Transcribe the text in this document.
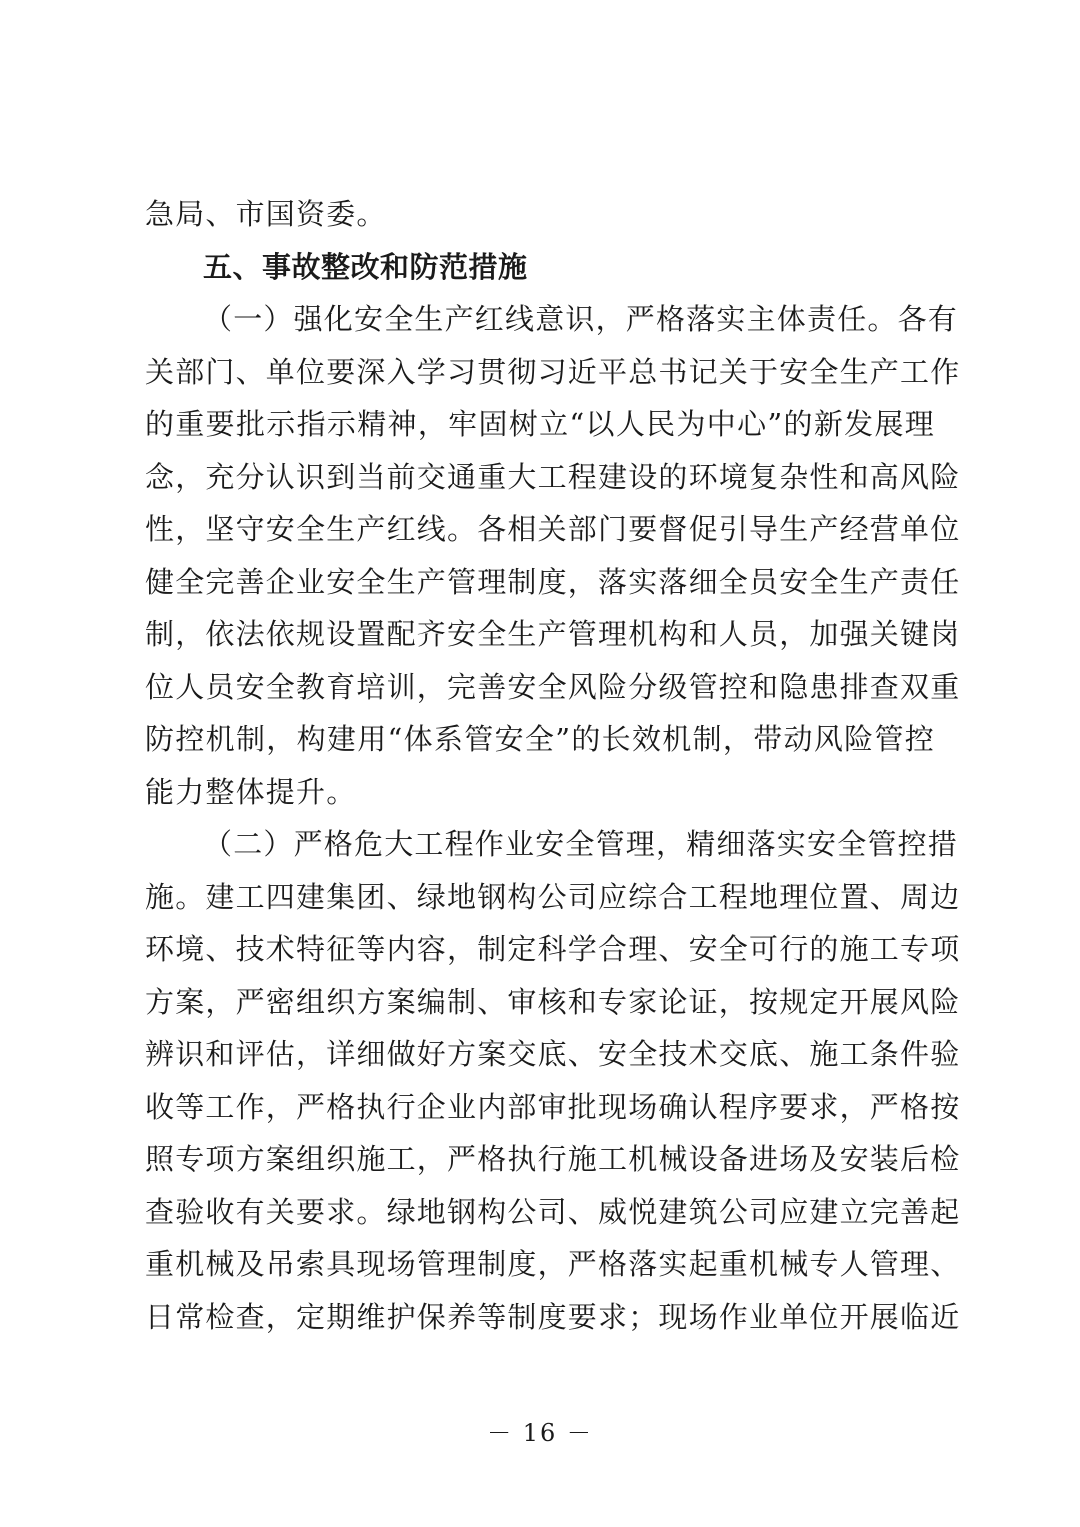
急局、市国资委。
五、事故整改和防范措施
（一）强化安全生产红线意识，严格落实主体责任。各有
关部门、单位要深入学习贯彻习近平总书记关于安全生产工作
的重要批示指示精神，牢固树立“以人民为中心”的新发展理
念，充分认识到当前交通重大工程建设的环境复杂性和高风险
性，坚守安全生产红线。各相关部门要督促引导生产经营单位
健全完善企业安全生产管理制度，落实落细全员安全生产责任
制，依法依规设置配齐安全生产管理机构和人员，加强关键岗
位人员安全教育培训，完善安全风险分级管控和隐患排查双重
防控机制，构建用“体系管安全”的长效机制，带动风险管控
能力整体提升。
（二）严格危大工程作业安全管理，精细落实安全管控措
施。建工四建集团、绿地钢构公司应综合工程地理位置、周边
环境、技术特征等内容，制定科学合理、安全可行的施工专项
方案，严密组织方案编制、审核和专家论证，按规定开展风险
辨识和评估，详细做好方案交底、安全技术交底、施工条件验
收等工作，严格执行企业内部审批现场确认程序要求，严格按
照专项方案组织施工，严格执行施工机械设备进场及安装后检
查验收有关要求。绿地钢构公司、威悦建筑公司应建立完善起
重机械及吊索具现场管理制度，严格落实起重机械专人管理、
日常检查，定期维护保养等制度要求；现场作业单位开展临近
－ 16 －
